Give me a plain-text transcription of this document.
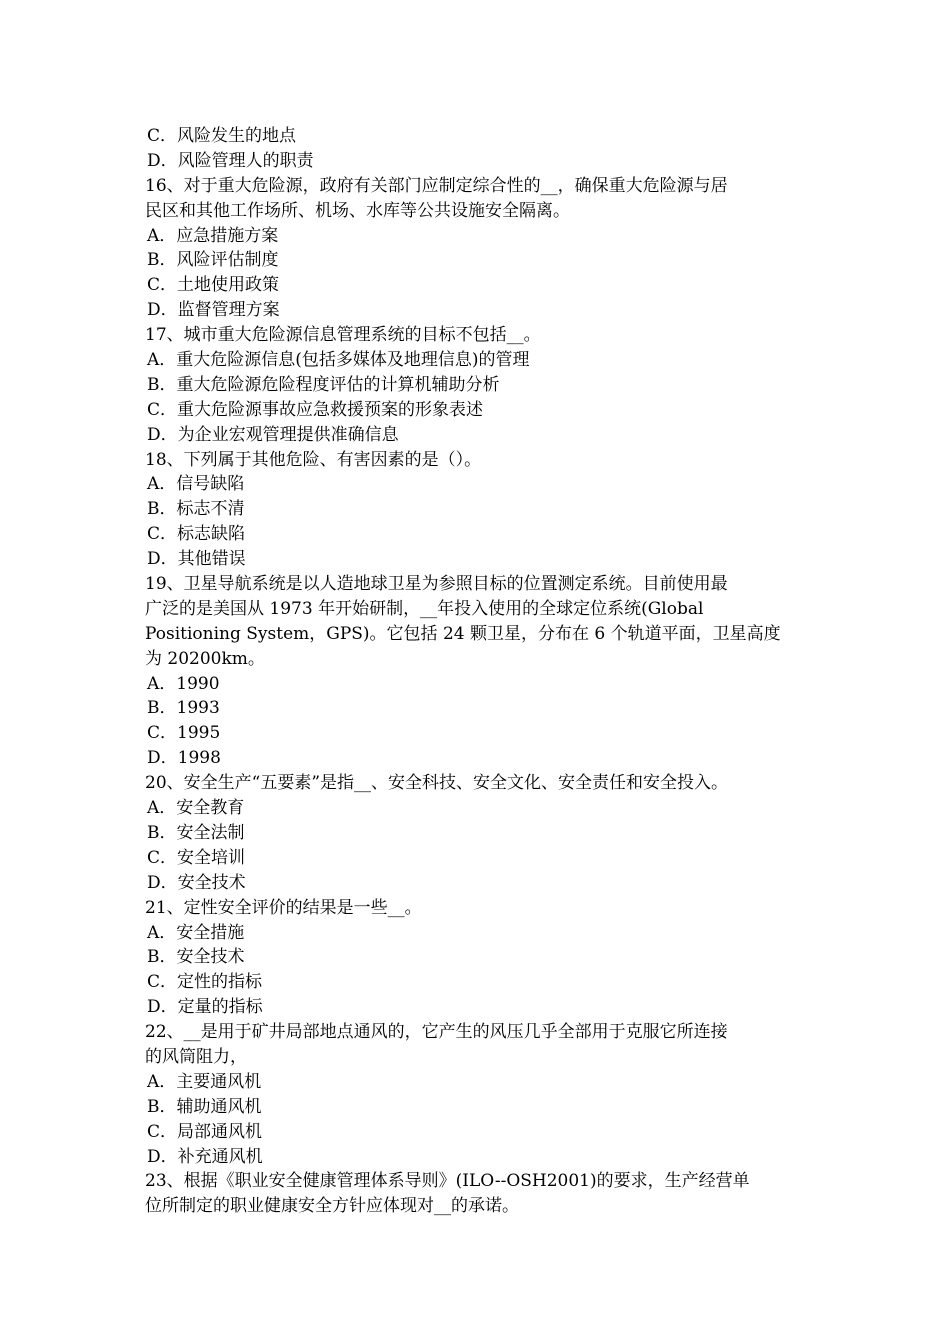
C．风险发生的地点
D．风险管理人的职责
16、对于重大危险源，政府有关部门应制定综合性的__，确保重大危险源与居
民区和其他工作场所、机场、水库等公共设施安全隔离。
A．应急措施方案
B．风险评估制度
C．土地使用政策
D．监督管理方案
17、城市重大危险源信息管理系统的目标不包括__。
A．重大危险源信息(包括多媒体及地理信息)的管理
B．重大危险源危险程度评估的计算机辅助分析
C．重大危险源事故应急救援预案的形象表述
D．为企业宏观管理提供准确信息
18、下列属于其他危险、有害因素的是（）。
A．信号缺陷
B．标志不清
C．标志缺陷
D．其他错误
19、卫星导航系统是以人造地球卫星为参照目标的位置测定系统。目前使用最
广泛的是美国从 1973 年开始研制，__年投入使用的全球定位系统(Global
Positioning System，GPS)。它包括 24 颗卫星，分布在 6 个轨道平面，卫星高度
为 20200km。
A．1990
B．1993
C．1995
D．1998
20、安全生产“五要素”是指__、安全科技、安全文化、安全责任和安全投入。
A．安全教育
B．安全法制
C．安全培训
D．安全技术
21、定性安全评价的结果是一些__。
A．安全措施
B．安全技术
C．定性的指标
D．定量的指标
22、__是用于矿井局部地点通风的，它产生的风压几乎全部用于克服它所连接
的风筒阻力，
A．主要通风机
B．辅助通风机
C．局部通风机
D．补充通风机
23、根据《职业安全健康管理体系导则》(ILO--OSH2001)的要求，生产经营单
位所制定的职业健康安全方针应体现对__的承诺。
